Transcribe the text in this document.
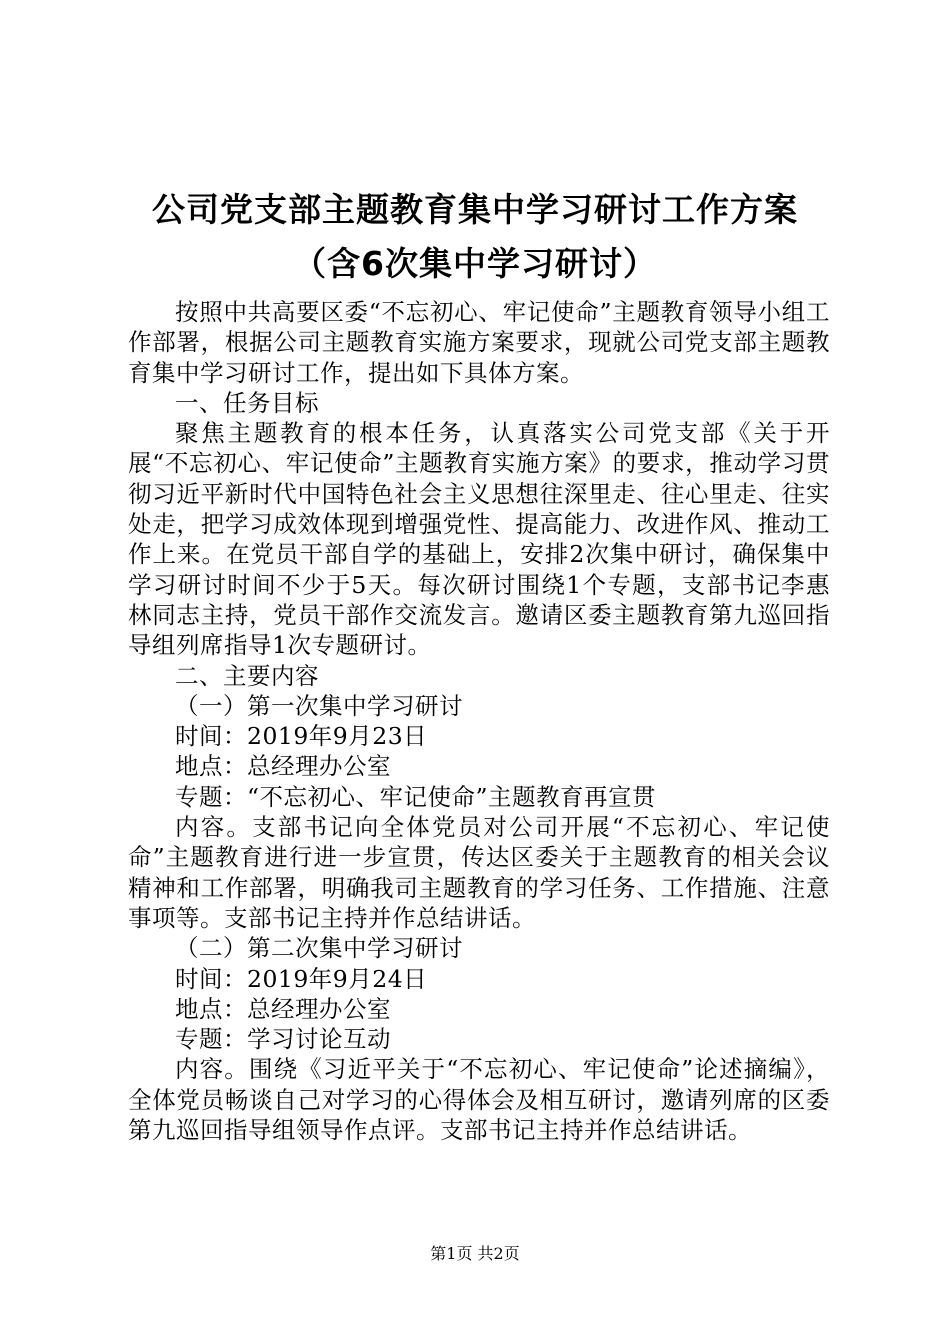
公司党支部主题教育集中学习研讨工作方案
（含6次集中学习研讨）

按照中共高要区委“不忘初心、牢记使命”主题教育领导小组工作部署，根据公司主题教育实施方案要求，现就公司党支部主题教育集中学习研讨工作，提出如下具体方案。

一、任务目标

聚焦主题教育的根本任务，认真落实公司党支部《关于开展“不忘初心、牢记使命”主题教育实施方案》的要求，推动学习贯彻习近平新时代中国特色社会主义思想往深里走、往心里走、往实处走，把学习成效体现到增强党性、提高能力、改进作风、推动工作上来。在党员干部自学的基础上，安排2次集中研讨，确保集中学习研讨时间不少于5天。每次研讨围绕1个专题，支部书记李惠林同志主持，党员干部作交流发言。邀请区委主题教育第九巡回指导组列席指导1次专题研讨。

二、主要内容

（一）第一次集中学习研讨

时间：2019年9月23日

地点：总经理办公室

专题：“不忘初心、牢记使命”主题教育再宣贯

内容。支部书记向全体党员对公司开展“不忘初心、牢记使命”主题教育进行进一步宣贯，传达区委关于主题教育的相关会议精神和工作部署，明确我司主题教育的学习任务、工作措施、注意事项等。支部书记主持并作总结讲话。

（二）第二次集中学习研讨

时间：2019年9月24日

地点：总经理办公室

专题：学习讨论互动

内容。围绕《习近平关于“不忘初心、牢记使命”论述摘编》，全体党员畅谈自己对学习的心得体会及相互研讨，邀请列席的区委第九巡回指导组领导作点评。支部书记主持并作总结讲话。

第1页 共2页
